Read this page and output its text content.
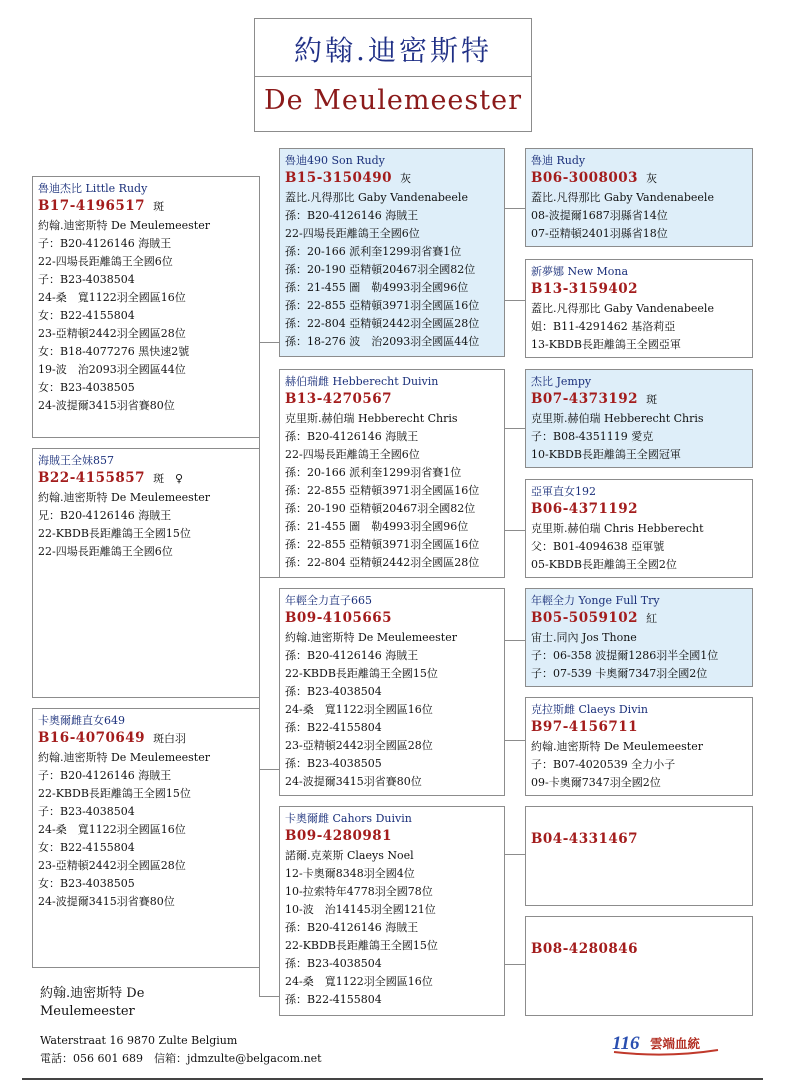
約翰.迪密斯特
De Meulemeester
魯迪杰比 Little Rudy
B17-4196517 斑
約翰.迪密斯特 De Meulemeester
子：B20-4126146 海賊王
22-四場長距離鴿王全國6位
子：B23-4038504
24-桑　寬1122羽全國區16位
女：B22-4155804
23-亞精頓2442羽全國區28位
女：B18-4077276 黑快速2號
19-波　治2093羽全國區44位
女：B23-4038505
24-波提爾3415羽省賽80位
海賊王全妹857
B22-4155857 斑　♀
約翰.迪密斯特 De Meulemeester
兄：B20-4126146 海賊王
22-KBDB長距離鴿王全國15位
22-四場長距離鴿王全國6位
卡奧爾雌直女649
B16-4070649 斑白羽
約翰.迪密斯特 De Meulemeester
子：B20-4126146 海賊王
22-KBDB長距離鴿王全國15位
子：B23-4038504
24-桑　寬1122羽全國區16位
女：B22-4155804
23-亞精頓2442羽全國區28位
女：B23-4038505
24-波提爾3415羽省賽80位
魯迪490 Son Rudy
B15-3150490 灰
蓋比.凡得那比 Gaby Vandenabeele
孫：B20-4126146 海賊王
22-四場長距離鴿王全國6位
孫：20-166 派利奎1299羽省賽1位
孫：20-190 亞精頓20467羽全國82位
孫：21-455 圖　勒4993羽全國96位
孫：22-855 亞精頓3971羽全國區16位
孫：22-804 亞精頓2442羽全國區28位
孫：18-276 波　治2093羽全國區44位
赫伯瑞雌 Hebberecht Duivin
B13-4270567
克里斯.赫伯瑞 Hebberecht Chris
孫：B20-4126146 海賊王
22-四場長距離鴿王全國6位
孫：20-166 派利奎1299羽省賽1位
孫：22-855 亞精頓3971羽全國區16位
孫：20-190 亞精頓20467羽全國82位
孫：21-455 圖　勒4993羽全國96位
孫：22-855 亞精頓3971羽全國區16位
孫：22-804 亞精頓2442羽全國區28位
年輕全力直子665
B09-4105665
約翰.迪密斯特 De Meulemeester
孫：B20-4126146 海賊王
22-KBDB長距離鴿王全國15位
孫：B23-4038504
24-桑　寬1122羽全國區16位
孫：B22-4155804
23-亞精頓2442羽全國區28位
孫：B23-4038505
24-波提爾3415羽省賽80位
卡奧爾雌 Cahors Duivin
B09-4280981
諾爾.克萊斯 Claeys Noel
12-卡奧爾8348羽全國4位
10-拉索特年4778羽全國78位
10-波　治14145羽全國121位
孫：B20-4126146 海賊王
22-KBDB長距離鴿王全國15位
孫：B23-4038504
24-桑　寬1122羽全國區16位
孫：B22-4155804
魯迪 Rudy
B06-3008003 灰
蓋比.凡得那比 Gaby Vandenabeele
08-波提爾1687羽縣省14位
07-亞精頓2401羽縣省18位
新夢娜 New Mona
B13-3159402
蓋比.凡得那比 Gaby Vandenabeele
姐：B11-4291462 基洛莉亞
13-KBDB長距離鴿王全國亞軍
杰比 Jempy
B07-4373192 斑
克里斯.赫伯瑞 Hebberecht Chris
子：B08-4351119 愛克
10-KBDB長距離鴿王全國冠軍
亞軍直女192
B06-4371192
克里斯.赫伯瑞 Chris Hebberecht
父：B01-4094638 亞軍號
05-KBDB長距離鴿王全國2位
年輕全力 Yonge Full Try
B05-5059102 紅
宙士.同內 Jos Thone
子：06-358 波提爾1286羽半全國1位
子：07-539 卡奧爾7347羽全國2位
克拉斯雌 Claeys Divin
B97-4156711
約翰.迪密斯特 De Meulemeester
子：B07-4020539 全力小子
09-卡奧爾7347羽全國2位
B04-4331467
B08-4280846
約翰.迪密斯特 De Meulemeester
Waterstraat 16 9870 Zulte Belgium
電話：056 601 689　信箱：jdmzulte@belgacom.net
116 雲端血統
